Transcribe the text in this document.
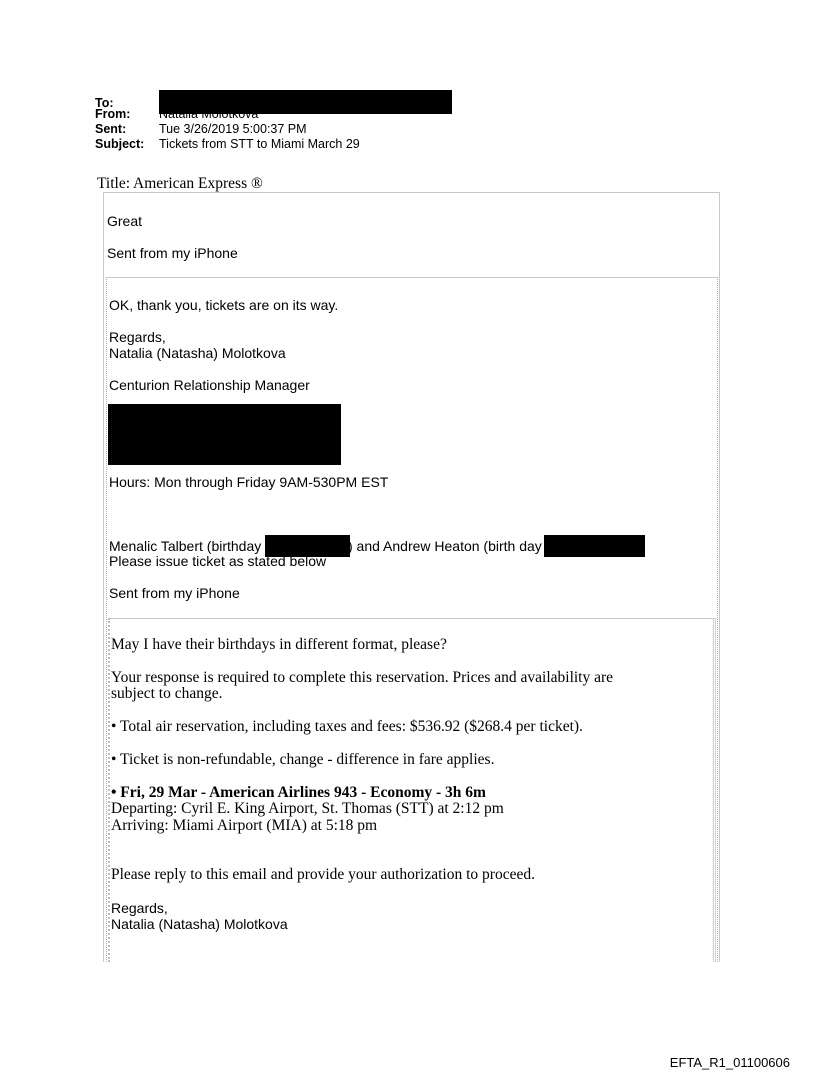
To:
From:	Natalia Molotkova
Sent:	Tue 3/26/2019 5:00:37 PM
Subject:	Tickets from STT to Miami March 29
Title: American Express ®
Great
Sent from my iPhone
OK, thank you, tickets are on its way.
Regards,
Natalia (Natasha) Molotkova
Centurion Relationship Manager
Hours: Mon through Friday 9AM-530PM EST
Menalic Talbert (birthday	) and Andrew Heaton (birth day
Please issue ticket as stated below
Sent from my iPhone
May I have their birthdays in different format, please?
Your response is required to complete this reservation. Prices and availability are
subject to change.
• Total air reservation, including taxes and fees: $536.92 ($268.4 per ticket).
• Ticket is non-refundable, change - difference in fare applies.
• Fri, 29 Mar - American Airlines 943 - Economy - 3h 6m
Departing: Cyril E. King Airport, St. Thomas (STT) at 2:12 pm
Arriving: Miami Airport (MIA) at 5:18 pm
Please reply to this email and provide your authorization to proceed.
Regards,
Natalia (Natasha) Molotkova
EFTA_R1_01100606
